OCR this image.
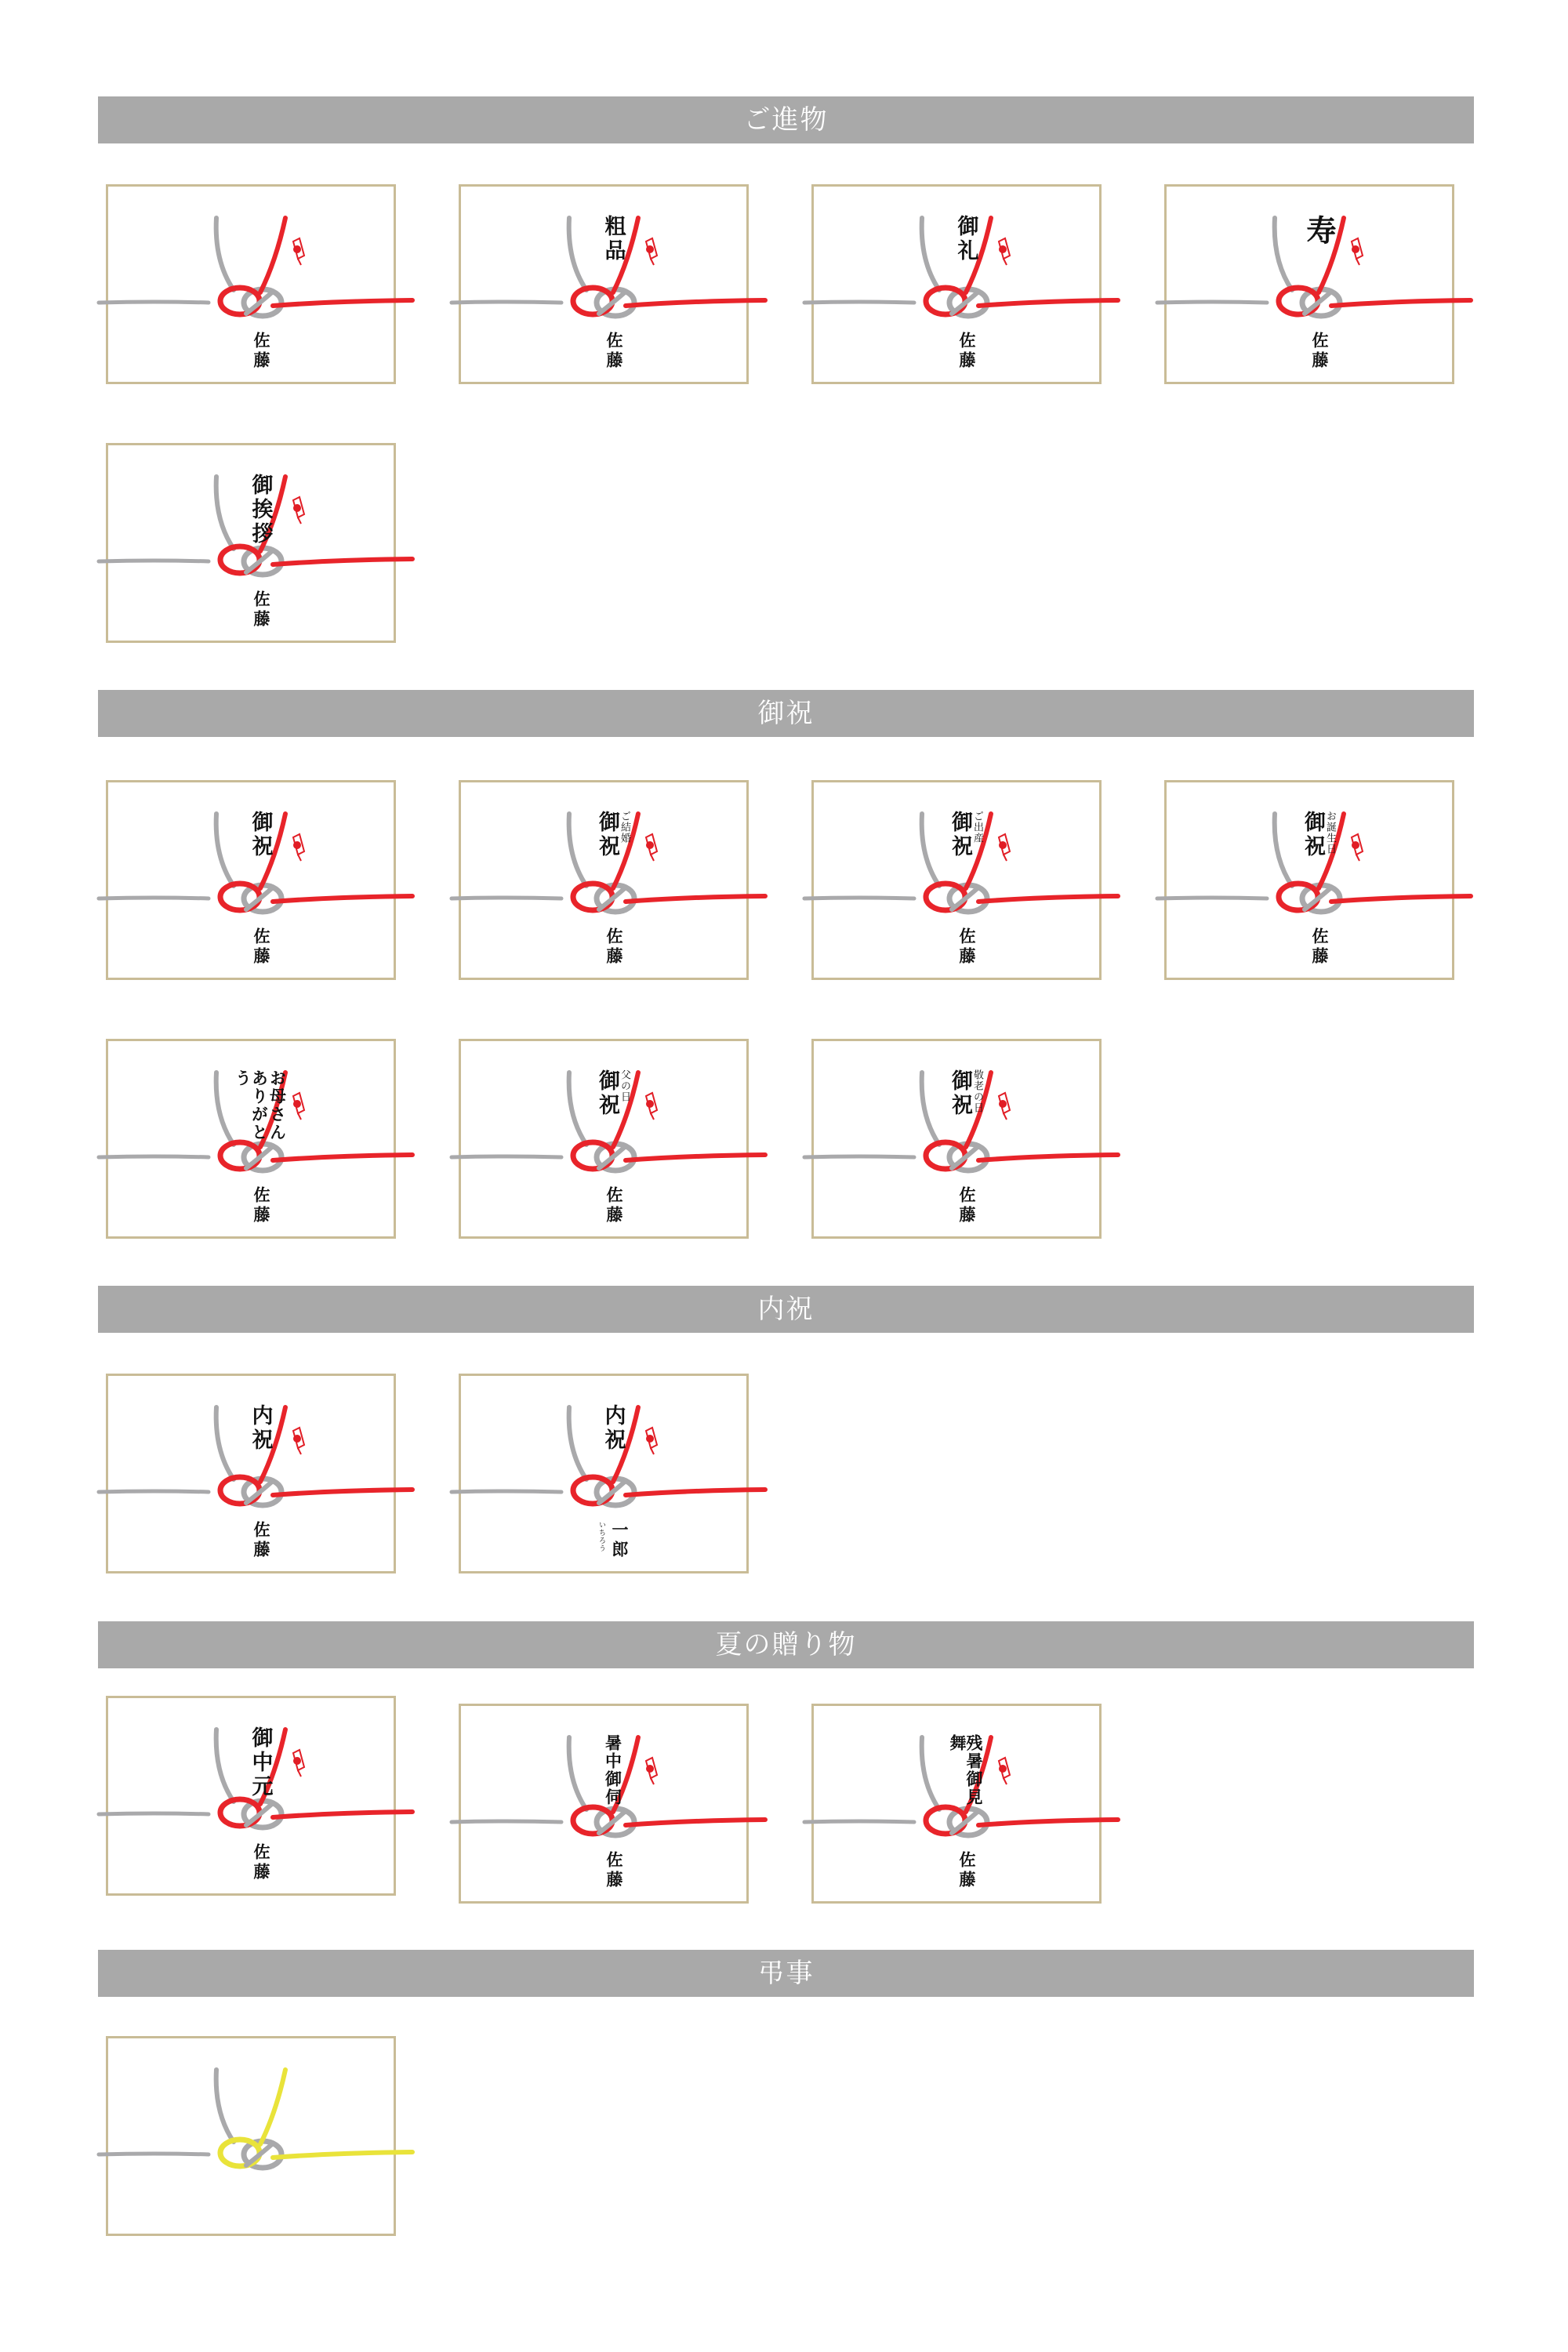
ご進物
佐藤
粗品
佐藤
御礼
佐藤
寿
佐藤
御挨拶
佐藤
御祝
御祝
佐藤
ご結婚
御祝
佐藤
ご出産
御祝
佐藤
お誕生日
御祝
佐藤
お母さん
ありがとう
佐藤
父の日
御祝
佐藤
敬老の日
御祝
佐藤
内祝
内祝
佐藤
内祝
一郎
いちろう
夏の贈り物
御中元
佐藤
暑中御伺
佐藤
残暑御見舞
佐藤
弔事
